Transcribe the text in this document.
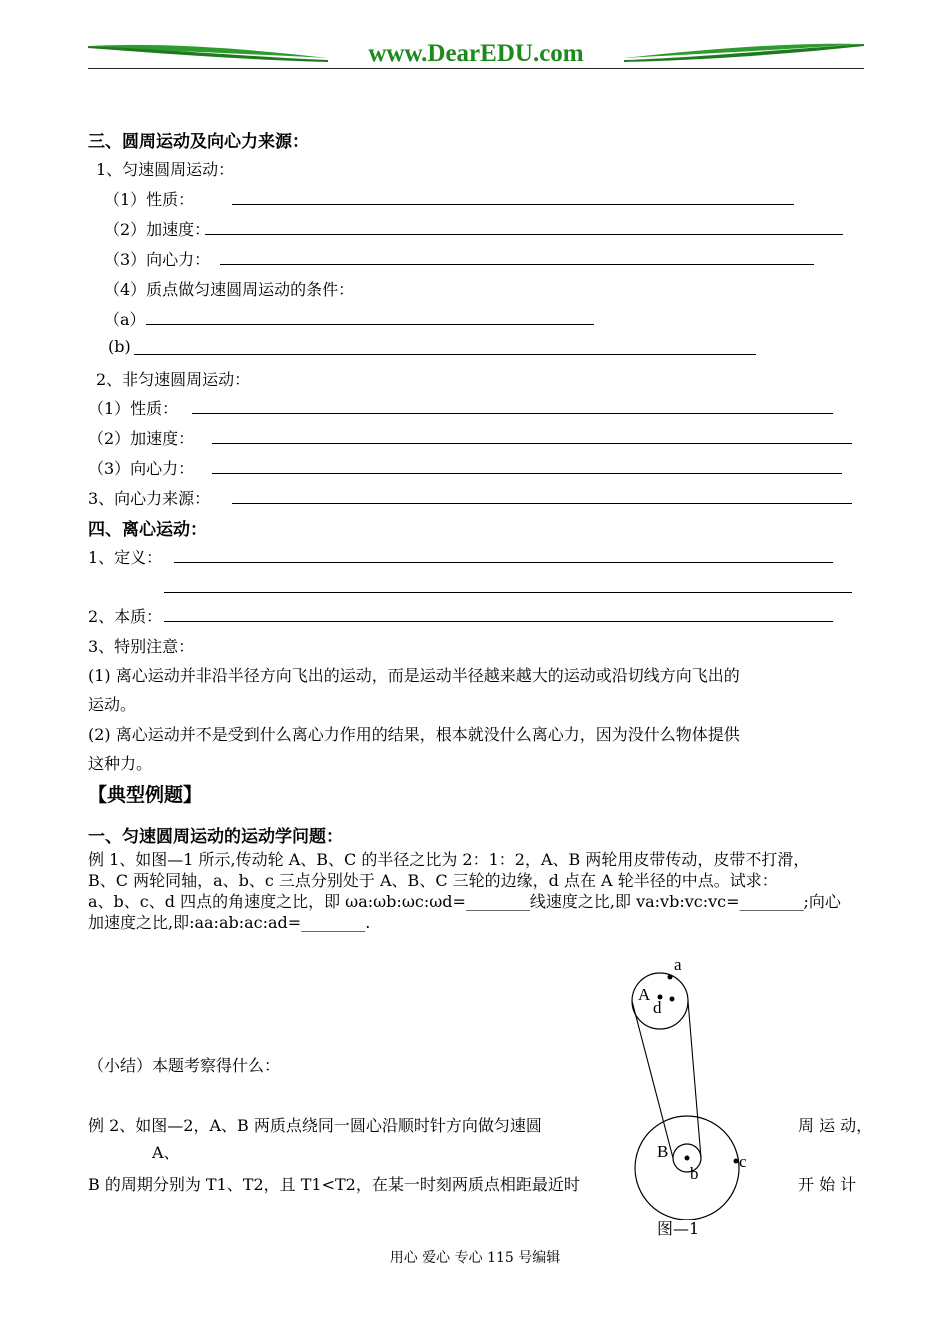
www.DearEDU.com
三、圆周运动及向心力来源：
1、匀速圆周运动：
（1）性质：
（2）加速度：
（3）向心力：
（4）质点做匀速圆周运动的条件：
（a）
(b)
2、非匀速圆周运动：
（1）性质：
（2）加速度：
（3）向心力：
3、向心力来源：
四、离心运动：
1、定义：
2、本质：
3、特别注意：
(1) 离心运动并非沿半径方向飞出的运动，而是运动半径越来越大的运动或沿切线方向飞出的
运动。
(2) 离心运动并不是受到什么离心力作用的结果，根本就没什么离心力，因为没什么物体提供
这种力。
【典型例题】
一、匀速圆周运动的运动学问题：
例 1、如图—1 所示,传动轮 A、B、C 的半径之比为 2：1：2，A、B 两轮用皮带传动，皮带不打滑，
B、C 两轮同轴，a、b、c 三点分别处于 A、B、C 三轮的边缘，d 点在 A 轮半径的中点。试求：
a、b、c、d 四点的角速度之比，即 ωa:ωb:ωc:ωd=________线速度之比,即 va:vb:vc:vc=________;向心
加速度之比,即:aa:ab:ac:ad=________.
（小结）本题考察得什么：
例 2、如图—2，A、B 两质点绕同一圆心沿顺时针方向做匀速圆	周 运 动，
A、
B 的周期分别为 T1、T2，且 T1<T2，在某一时刻两质点相距最近时	开 始 计
a
A
d
B
b
c
图—1
用心 爱心 专心 115 号编辑
